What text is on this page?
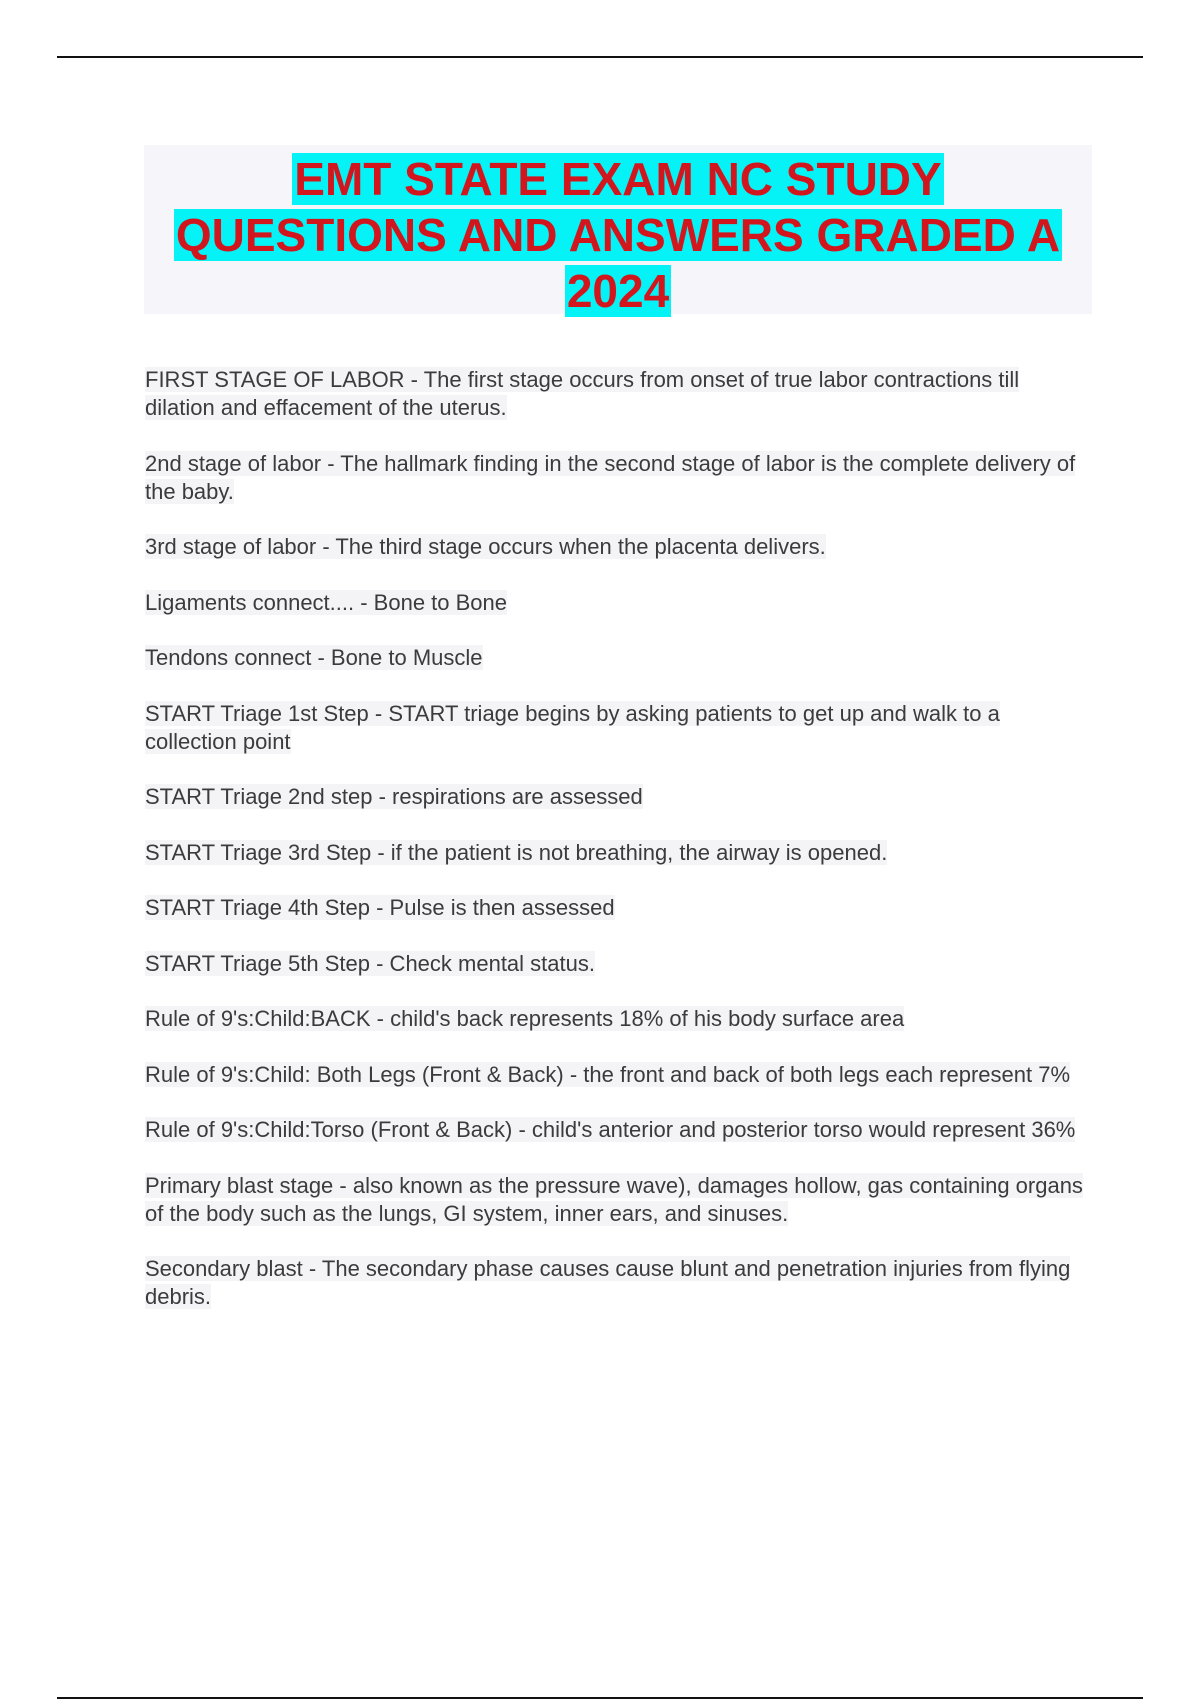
EMT STATE EXAM NC STUDY

QUESTIONS AND ANSWERS GRADED A

2024

FIRST STAGE OF LABOR - The first stage occurs from onset of true labor contractions till dilation and effacement of the uterus.
2nd stage of labor - The hallmark finding in the second stage of labor is the complete delivery of the baby.
3rd stage of labor - The third stage occurs when the placenta delivers.
Ligaments connect.... - Bone to Bone
Tendons connect - Bone to Muscle
START Triage 1st Step - START triage begins by asking patients to get up and walk to a collection point
START Triage 2nd step - respirations are assessed
START Triage 3rd Step - if the patient is not breathing, the airway is opened.
START Triage 4th Step - Pulse is then assessed
START Triage 5th Step - Check mental status.
Rule of 9's:Child:BACK - child's back represents 18% of his body surface area
Rule of 9's:Child: Both Legs (Front & Back) - the front and back of both legs each represent 7%
Rule of 9's:Child:Torso (Front & Back) - child's anterior and posterior torso would represent 36%
Primary blast stage - also known as the pressure wave), damages hollow, gas containing organs of the body such as the lungs, GI system, inner ears, and sinuses.
Secondary blast - The secondary phase causes cause blunt and penetration injuries from flying debris.
